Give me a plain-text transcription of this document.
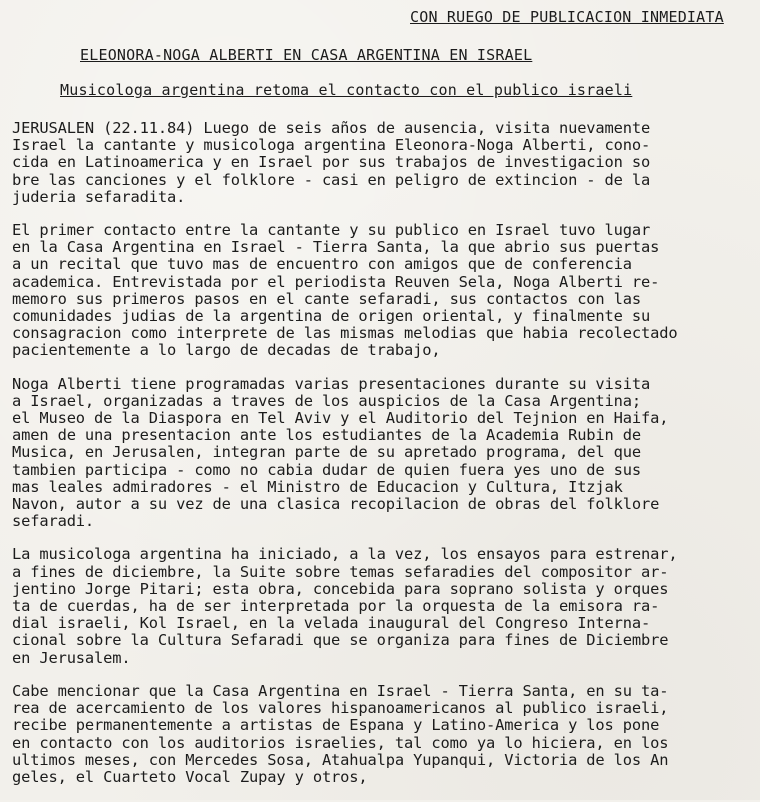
CON RUEGO DE PUBLICACION INMEDIATA
ELEONORA-NOGA ALBERTI EN CASA ARGENTINA EN ISRAEL
Musicologa argentina retoma el contacto con el publico israeli

JERUSALEN (22.11.84) Luego de seis años de ausencia, visita nuevamente
Israel la cantante y musicologa argentina Eleonora-Noga Alberti, cono-
cida en Latinoamerica y en Israel por sus trabajos de investigacion so
bre las canciones y el folklore - casi en peligro de extincion - de la
juderia sefaradita.

El primer contacto entre la cantante y su publico en Israel tuvo lugar
en la Casa Argentina en Israel - Tierra Santa, la que abrio sus puertas
a un recital que tuvo mas de encuentro con amigos que de conferencia
academica. Entrevistada por el periodista Reuven Sela, Noga Alberti re-
memoro sus primeros pasos en el cante sefaradi, sus contactos con las
comunidades judias de la argentina de origen oriental, y finalmente su
consagracion como interprete de las mismas melodias que habia recolectado
pacientemente a lo largo de decadas de trabajo,

Noga Alberti tiene programadas varias presentaciones durante su visita
a Israel, organizadas a traves de los auspicios de la Casa Argentina;
el Museo de la Diaspora en Tel Aviv y el Auditorio del Tejnion en Haifa,
amen de una presentacion ante los estudiantes de la Academia Rubin de
Musica, en Jerusalen, integran parte de su apretado programa, del que
tambien participa - como no cabia dudar de quien fuera yes uno de sus
mas leales admiradores - el Ministro de Educacion y Cultura, Itzjak
Navon, autor a su vez de una clasica recopilacion de obras del folklore
sefaradi.

La musicologa argentina ha iniciado, a la vez, los ensayos para estrenar,
a fines de diciembre, la Suite sobre temas sefaradies del compositor ar-
jentino Jorge Pitari; esta obra, concebida para soprano solista y orques
ta de cuerdas, ha de ser interpretada por la orquesta de la emisora ra-
dial israeli, Kol Israel, en la velada inaugural del Congreso Interna-
cional sobre la Cultura Sefaradi que se organiza para fines de Diciembre
en Jerusalem.

Cabe mencionar que la Casa Argentina en Israel - Tierra Santa, en su ta-
rea de acercamiento de los valores hispanoamericanos al publico israeli,
recibe permanentemente a artistas de Espana y Latino-America y los pone
en contacto con los auditorios israelies, tal como ya lo hiciera, en los
ultimos meses, con Mercedes Sosa, Atahualpa Yupanqui, Victoria de los An
geles, el Cuarteto Vocal Zupay y otros,
